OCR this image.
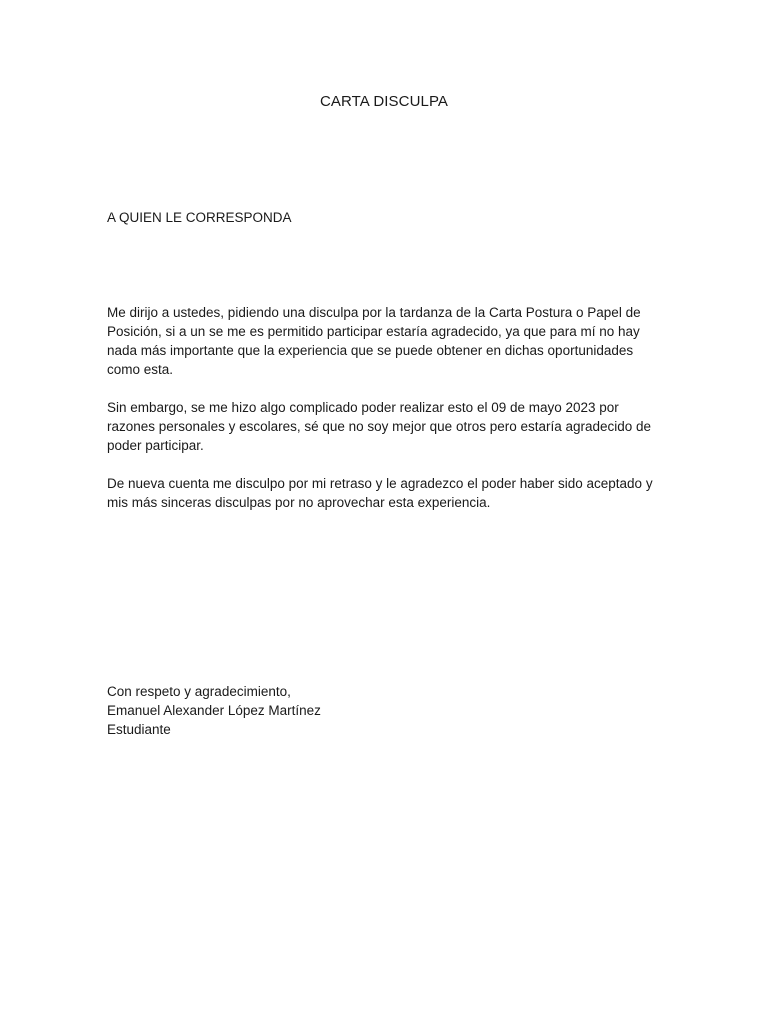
CARTA DISCULPA
A QUIEN LE CORRESPONDA
Me dirijo a ustedes, pidiendo una disculpa por la tardanza de la Carta Postura o Papel de Posición, si a un se me es permitido participar estaría agradecido, ya que para mí no hay nada más importante que la experiencia que se puede obtener en dichas oportunidades como esta.
Sin embargo, se me hizo algo complicado poder realizar esto el 09 de mayo 2023 por razones personales y escolares, sé que no soy mejor que otros pero estaría agradecido de poder participar.
De nueva cuenta me disculpo por mi retraso y le agradezco el poder haber sido aceptado y mis más sinceras disculpas por no aprovechar esta experiencia.
Con respeto y agradecimiento,
Emanuel Alexander López Martínez
Estudiante
